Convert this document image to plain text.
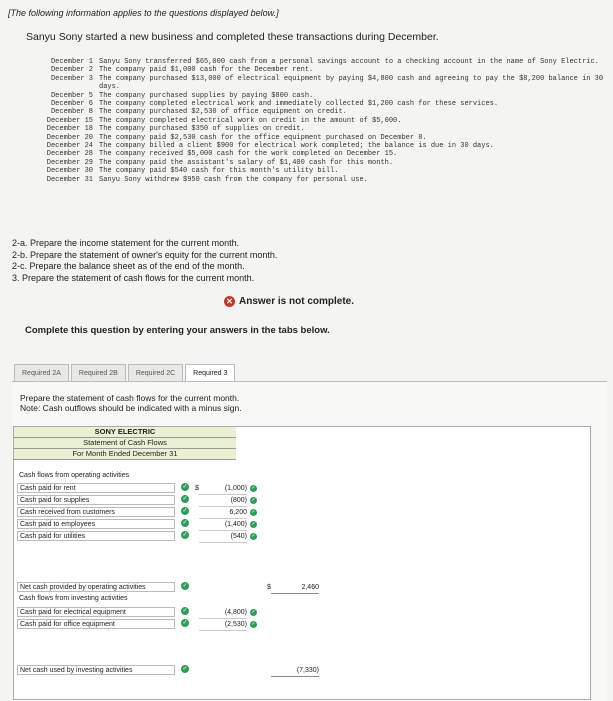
[The following information applies to the questions displayed below.]
Sanyu Sony started a new business and completed these transactions during December.
December 1 Sanyu Sony transferred $65,000 cash from a personal savings account to a checking account in the name of Sony Electric.
December 2 The company paid $1,000 cash for the December rent.
December 3 The company purchased $13,000 of electrical equipment by paying $4,800 cash and agreeing to pay the $8,200 balance in 30 days.
December 5 The company purchased supplies by paying $800 cash.
December 6 The company completed electrical work and immediately collected $1,200 cash for these services.
December 8 The company purchased $2,530 of office equipment on credit.
December 15 The company completed electrical work on credit in the amount of $5,000.
December 18 The company purchased $350 of supplies on credit.
December 20 The company paid $2,530 cash for the office equipment purchased on December 8.
December 24 The company billed a client $900 for electrical work completed; the balance is due in 30 days.
December 28 The company received $5,000 cash for the work completed on December 15.
December 29 The company paid the assistant's salary of $1,400 cash for this month.
December 30 The company paid $540 cash for this month's utility bill.
December 31 Sanyu Sony withdrew $950 cash from the company for personal use.
2-a. Prepare the income statement for the current month.
2-b. Prepare the statement of owner's equity for the current month.
2-c. Prepare the balance sheet as of the end of the month.
3. Prepare the statement of cash flows for the current month.
✕ Answer is not complete.
Complete this question by entering your answers in the tabs below.
Required 2A	Required 2B	Required 2C	Required 3
Prepare the statement of cash flows for the current month.
Note: Cash outflows should be indicated with a minus sign.
SONY ELECTRIC
Statement of Cash Flows
For Month Ended December 31
Cash flows from operating activities
Cash paid for rent	✓ $	(1,000) ✓
Cash paid for supplies	✓	(800) ✓
Cash received from customers	✓	6,200 ✓
Cash paid to employees	✓	(1,400) ✓
Cash paid for utilities	✓	(540) ✓
Net cash provided by operating activities	✓	$	2,460
Cash flows from investing activities
Cash paid for electrical equipment	✓	(4,800) ✓
Cash paid for office equipment	✓	(2,530) ✓
Net cash used by investing activities	✓	(7,330)
